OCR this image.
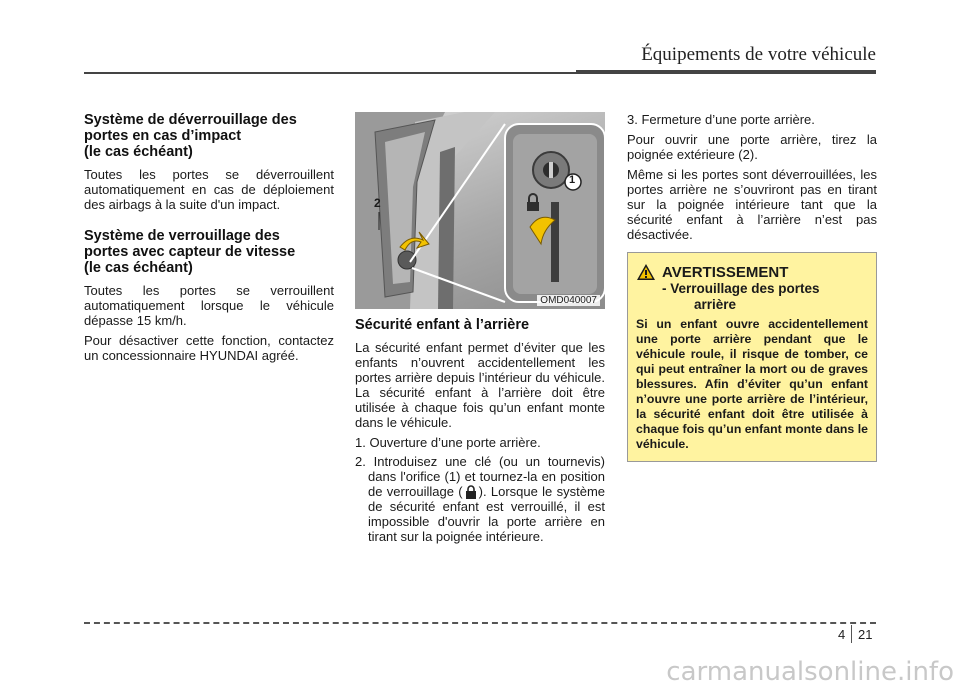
Équipements de votre véhicule
Système de déverrouillage des
portes en cas d’impact
(le cas échéant)

Toutes les portes se déverrouillent automatiquement en cas de déploiement des airbags à la suite d'un impact.

Système de verrouillage des
portes avec capteur de vitesse
(le cas échéant)

Toutes les portes se verrouillent automatiquement lorsque le véhicule dépasse 15 km/h.

Pour désactiver cette fonction, contactez un concessionnaire HYUNDAI agréé.

1
2
OMD040007
Sécurité enfant à l’arrière

La sécurité enfant permet d’éviter que les enfants n’ouvrent accidentellement les portes arrière depuis l’intérieur du véhicule. La sécurité enfant à l’arrière doit être utilisée à chaque fois qu’un enfant monte dans le véhicule.

1. Ouverture d’une porte arrière.
2. Introduisez une clé (ou un tournevis) dans l'orifice (1) et tournez-la en position de verrouillage ( ). Lorsque le système de sécurité enfant est verrouillé, il est impossible d'ouvrir la porte arrière en tirant sur la poignée intérieure.

3. Fermeture d’une porte arrière.

Pour ouvrir une porte arrière, tirez la poignée extérieure (2).

Même si les portes sont déverrouillées, les portes arrière ne s’ouvriront pas en tirant sur la poignée intérieure tant que la sécurité enfant à l’arrière n’est pas désactivée.

AVERTISSEMENT
- Verrouillage des portes
arrière
Si un enfant ouvre accidentellement une porte arrière pendant que le véhicule roule, il risque de tomber, ce qui peut entraîner la mort ou de graves blessures. Afin d’éviter qu’un enfant n’ouvre une porte arrière de l’intérieur, la sécurité enfant doit être utilisée à chaque fois qu’un enfant monte dans le véhicule.
4 21
carmanualsonline.info
